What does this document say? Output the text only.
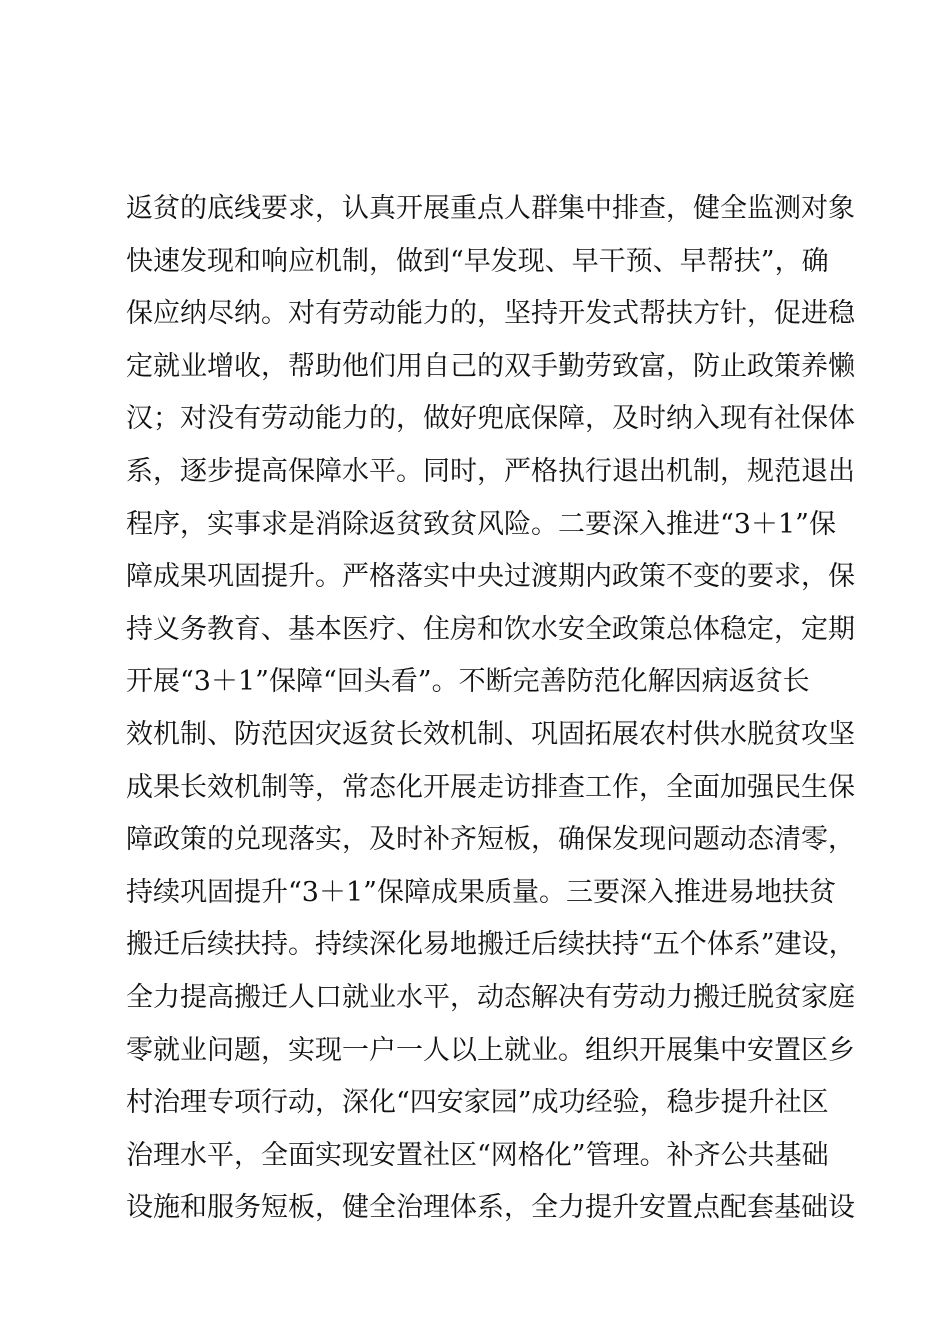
返贫的底线要求，认真开展重点人群集中排查，健全监测对象
快速发现和响应机制，做到“早发现、早干预、早帮扶”，确
保应纳尽纳。对有劳动能力的，坚持开发式帮扶方针，促进稳
定就业增收，帮助他们用自己的双手勤劳致富，防止政策养懒
汉；对没有劳动能力的，做好兜底保障，及时纳入现有社保体
系，逐步提高保障水平。同时，严格执行退出机制，规范退出
程序，实事求是消除返贫致贫风险。二要深入推进“3＋1”保
障成果巩固提升。严格落实中央过渡期内政策不变的要求，保
持义务教育、基本医疗、住房和饮水安全政策总体稳定，定期
开展“3＋1”保障“回头看”。不断完善防范化解因病返贫长
效机制、防范因灾返贫长效机制、巩固拓展农村供水脱贫攻坚
成果长效机制等，常态化开展走访排查工作，全面加强民生保
障政策的兑现落实，及时补齐短板，确保发现问题动态清零，
持续巩固提升“3＋1”保障成果质量。三要深入推进易地扶贫
搬迁后续扶持。持续深化易地搬迁后续扶持“五个体系”建设，
全力提高搬迁人口就业水平，动态解决有劳动力搬迁脱贫家庭
零就业问题，实现一户一人以上就业。组织开展集中安置区乡
村治理专项行动，深化“四安家园”成功经验，稳步提升社区
治理水平，全面实现安置社区“网格化”管理。补齐公共基础
设施和服务短板，健全治理体系，全力提升安置点配套基础设
